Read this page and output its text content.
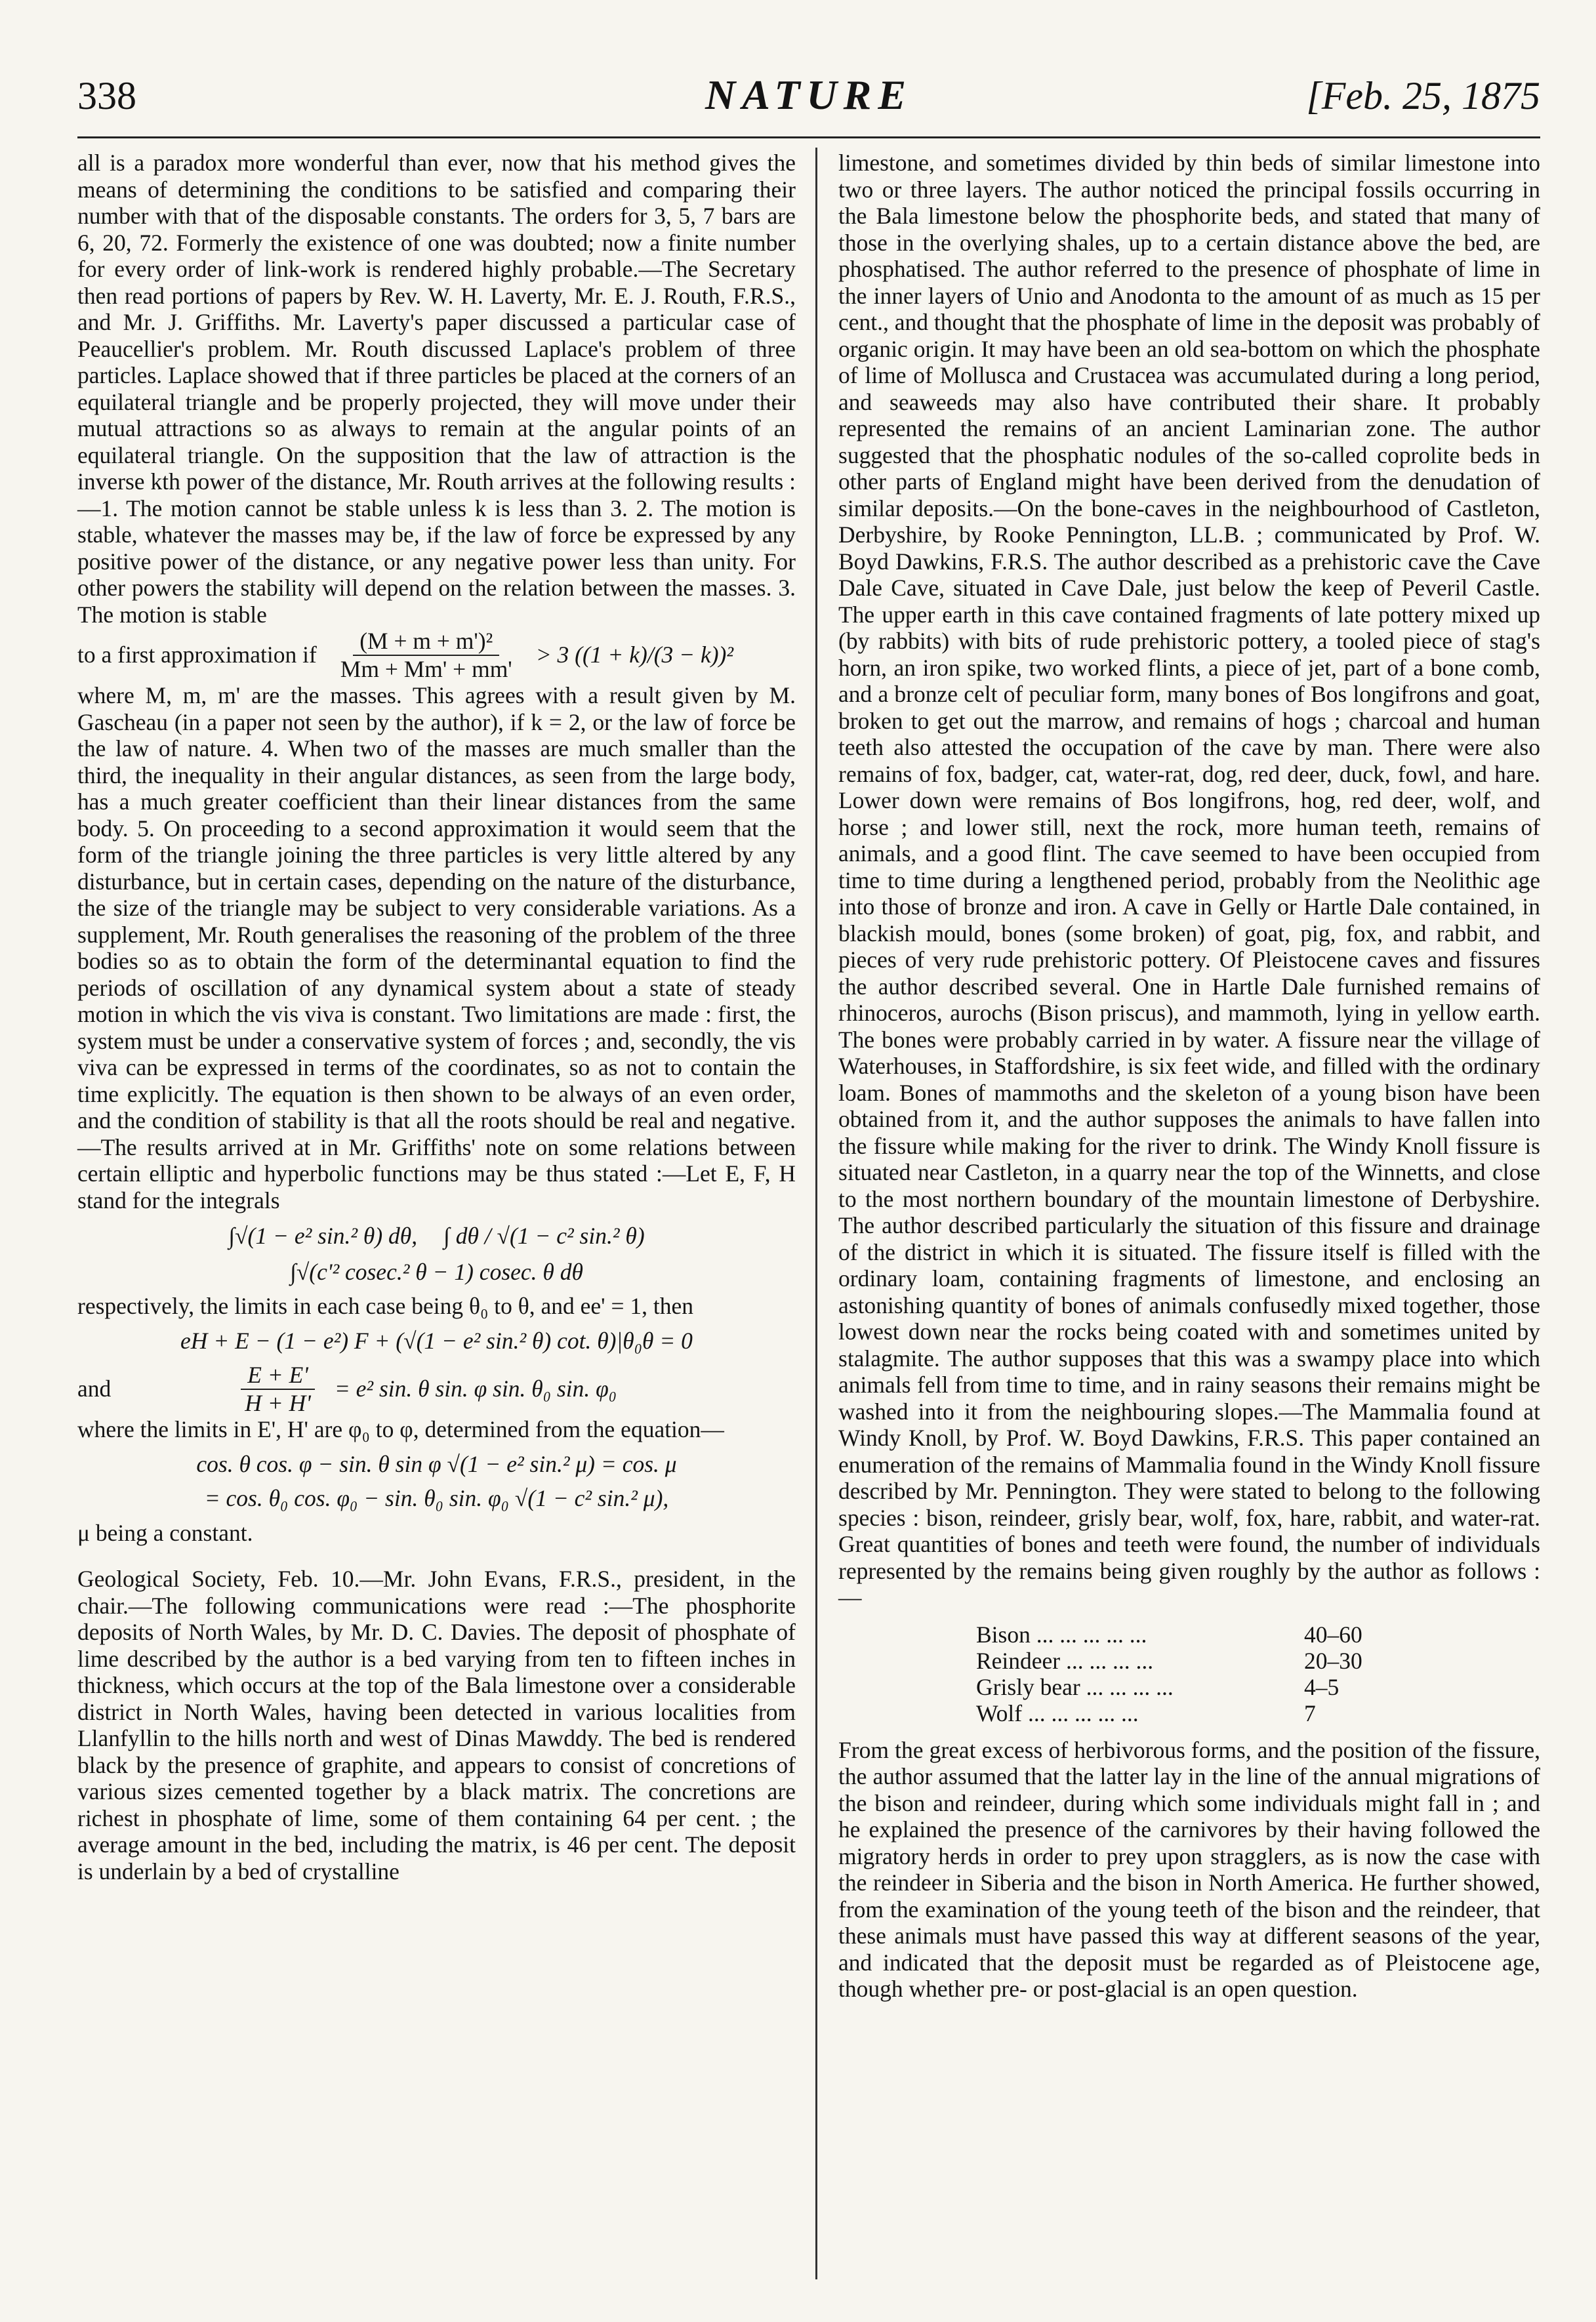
338	NATURE	[Feb. 25, 1875

all is a paradox more wonderful than ever, now that his method gives the means of determining the conditions to be satisfied and comparing their number with that of the disposable constants. The orders for 3, 5, 7 bars are 6, 20, 72. Formerly the existence of one was doubted; now a finite number for every order of link-work is rendered highly probable.—The Secretary then read portions of papers by Rev. W. H. Laverty, Mr. E. J. Routh, F.R.S., and Mr. J. Griffiths. Mr. Laverty's paper discussed a particular case of Peaucellier's problem. Mr. Routh discussed Laplace's problem of three particles. Laplace showed that if three particles be placed at the corners of an equilateral triangle and be properly projected, they will move under their mutual attractions so as always to remain at the angular points of an equilateral triangle. On the supposition that the law of attraction is the inverse kth power of the distance, Mr. Routh arrives at the following results :—1. The motion cannot be stable unless k is less than 3. 2. The motion is stable, whatever the masses may be, if the law of force be expressed by any positive power of the distance, or any negative power less than unity. For other powers the stability will depend on the relation between the masses. 3. The motion is stable

to a first approximation if $\frac{\text{(M + m + m')²}}{Mm + Mm' + mm'} > 3$ ((1 + k)/(3 − k))²

where M, m, m' are the masses. This agrees with a result given by M. Gascheau (in a paper not seen by the author), if k = 2, or the law of force be the law of nature. 4. When two of the masses are much smaller than the third, the inequality in their angular distances, as seen from the large body, has a much greater coefficient than their linear distances from the same body. 5. On proceeding to a second approximation it would seem that the form of the triangle joining the three particles is very little altered by any disturbance, but in certain cases, depending on the nature of the disturbance, the size of the triangle may be subject to very considerable variations. As a supplement, Mr. Routh generalises the reasoning of the problem of the three bodies so as to obtain the form of the determinantal equation to find the periods of oscillation of any dynamical system about a state of steady motion in which the vis viva is constant. Two limitations are made : first, the system must be under a conservative system of forces ; and, secondly, the vis viva can be expressed in terms of the coordinates, so as not to contain the time explicitly. The equation is then shown to be always of an even order, and the condition of stability is that all the roots should be real and negative.—The results arrived at in Mr. Griffiths' note on some relations between certain elliptic and hyperbolic functions may be thus stated :—Let E, F, H stand for the integrals

∫√(1 − e² sin.² θ) dθ, ∫ dθ / √(1 − c² sin.² θ)
∫√(c'² cosec.² θ − 1) cosec. θ dθ

respectively, the limits in each case being θ₀ to θ, and ee' = 1, then

eH + E − (1 − e²) F + (√(1 − e² sin.² θ) cot. θ)|θ₀θ = 0
and	$\frac{E + E'}{H + H'} = e^2$ sin. θ sin. φ sin. θ₀ sin. φ₀

where the limits in E', H' are φ₀ to φ, determined from the equation—

cos. θ cos. φ − sin. θ sin φ √(1 − e² sin.² μ) = cos. μ
= cos. θ₀ cos. φ₀ − sin. θ₀ sin. φ₀ √(1 − c² sin.² μ),

μ being a constant.

Geological Society, Feb. 10.—Mr. John Evans, F.R.S., president, in the chair.—The following communications were read :—The phosphorite deposits of North Wales, by Mr. D. C. Davies. The deposit of phosphate of lime described by the author is a bed varying from ten to fifteen inches in thickness, which occurs at the top of the Bala limestone over a considerable district in North Wales, having been detected in various localities from Llanfyllin to the hills north and west of Dinas Mawddy. The bed is rendered black by the presence of graphite, and appears to consist of concretions of various sizes cemented together by a black matrix. The concretions are richest in phosphate of lime, some of them containing 64 per cent. ; the average amount in the bed, including the matrix, is 46 per cent. The deposit is underlain by a bed of crystalline

limestone, and sometimes divided by thin beds of similar limestone into two or three layers. The author noticed the principal fossils occurring in the Bala limestone below the phosphorite beds, and stated that many of those in the overlying shales, up to a certain distance above the bed, are phosphatised. The author referred to the presence of phosphate of lime in the inner layers of Unio and Anodonta to the amount of as much as 15 per cent., and thought that the phosphate of lime in the deposit was probably of organic origin. It may have been an old sea-bottom on which the phosphate of lime of Mollusca and Crustacea was accumulated during a long period, and seaweeds may also have contributed their share. It probably represented the remains of an ancient Laminarian zone. The author suggested that the phosphatic nodules of the so-called coprolite beds in other parts of England might have been derived from the denudation of similar deposits.—On the bone-caves in the neighbourhood of Castleton, Derbyshire, by Rooke Pennington, LL.B. ; communicated by Prof. W. Boyd Dawkins, F.R.S. The author described as a prehistoric cave the Cave Dale Cave, situated in Cave Dale, just below the keep of Peveril Castle. The upper earth in this cave contained fragments of late pottery mixed up (by rabbits) with bits of rude prehistoric pottery, a tooled piece of stag's horn, an iron spike, two worked flints, a piece of jet, part of a bone comb, and a bronze celt of peculiar form, many bones of Bos longifrons and goat, broken to get out the marrow, and remains of hogs ; charcoal and human teeth also attested the occupation of the cave by man. There were also remains of fox, badger, cat, water-rat, dog, red deer, duck, fowl, and hare. Lower down were remains of Bos longifrons, hog, red deer, wolf, and horse ; and lower still, next the rock, more human teeth, remains of animals, and a good flint. The cave seemed to have been occupied from time to time during a lengthened period, probably from the Neolithic age into those of bronze and iron. A cave in Gelly or Hartle Dale contained, in blackish mould, bones (some broken) of goat, pig, fox, and rabbit, and pieces of very rude prehistoric pottery. Of Pleistocene caves and fissures the author described several. One in Hartle Dale furnished remains of rhinoceros, aurochs (Bison priscus), and mammoth, lying in yellow earth. The bones were probably carried in by water. A fissure near the village of Waterhouses, in Staffordshire, is six feet wide, and filled with the ordinary loam. Bones of mammoths and the skeleton of a young bison have been obtained from it, and the author supposes the animals to have fallen into the fissure while making for the river to drink. The Windy Knoll fissure is situated near Castleton, in a quarry near the top of the Winnetts, and close to the most northern boundary of the mountain limestone of Derbyshire. The author described particularly the situation of this fissure and drainage of the district in which it is situated. The fissure itself is filled with the ordinary loam, containing fragments of limestone, and enclosing an astonishing quantity of bones of animals confusedly mixed together, those lowest down near the rocks being coated with and sometimes united by stalagmite. The author supposes that this was a swampy place into which animals fell from time to time, and in rainy seasons their remains might be washed into it from the neighbouring slopes.—The Mammalia found at Windy Knoll, by Prof. W. Boyd Dawkins, F.R.S. This paper contained an enumeration of the remains of Mammalia found in the Windy Knoll fissure described by Mr. Pennington. They were stated to belong to the following species : bison, reindeer, grisly bear, wolf, fox, hare, rabbit, and water-rat. Great quantities of bones and teeth were found, the number of individuals represented by the remains being given roughly by the author as follows :—

Bison ... ... ... ... ...	40–60
Reindeer ... ... ... ...	20–30
Grisly bear ... ... ... ...	4–5
Wolf ... ... ... ... ...	7

From the great excess of herbivorous forms, and the position of the fissure, the author assumed that the latter lay in the line of the annual migrations of the bison and reindeer, during which some individuals might fall in ; and he explained the presence of the carnivores by their having followed the migratory herds in order to prey upon stragglers, as is now the case with the reindeer in Siberia and the bison in North America. He further showed, from the examination of the young teeth of the bison and the reindeer, that these animals must have passed this way at different seasons of the year, and indicated that the deposit must be regarded as of Pleistocene age, though whether pre- or post-glacial is an open question.
